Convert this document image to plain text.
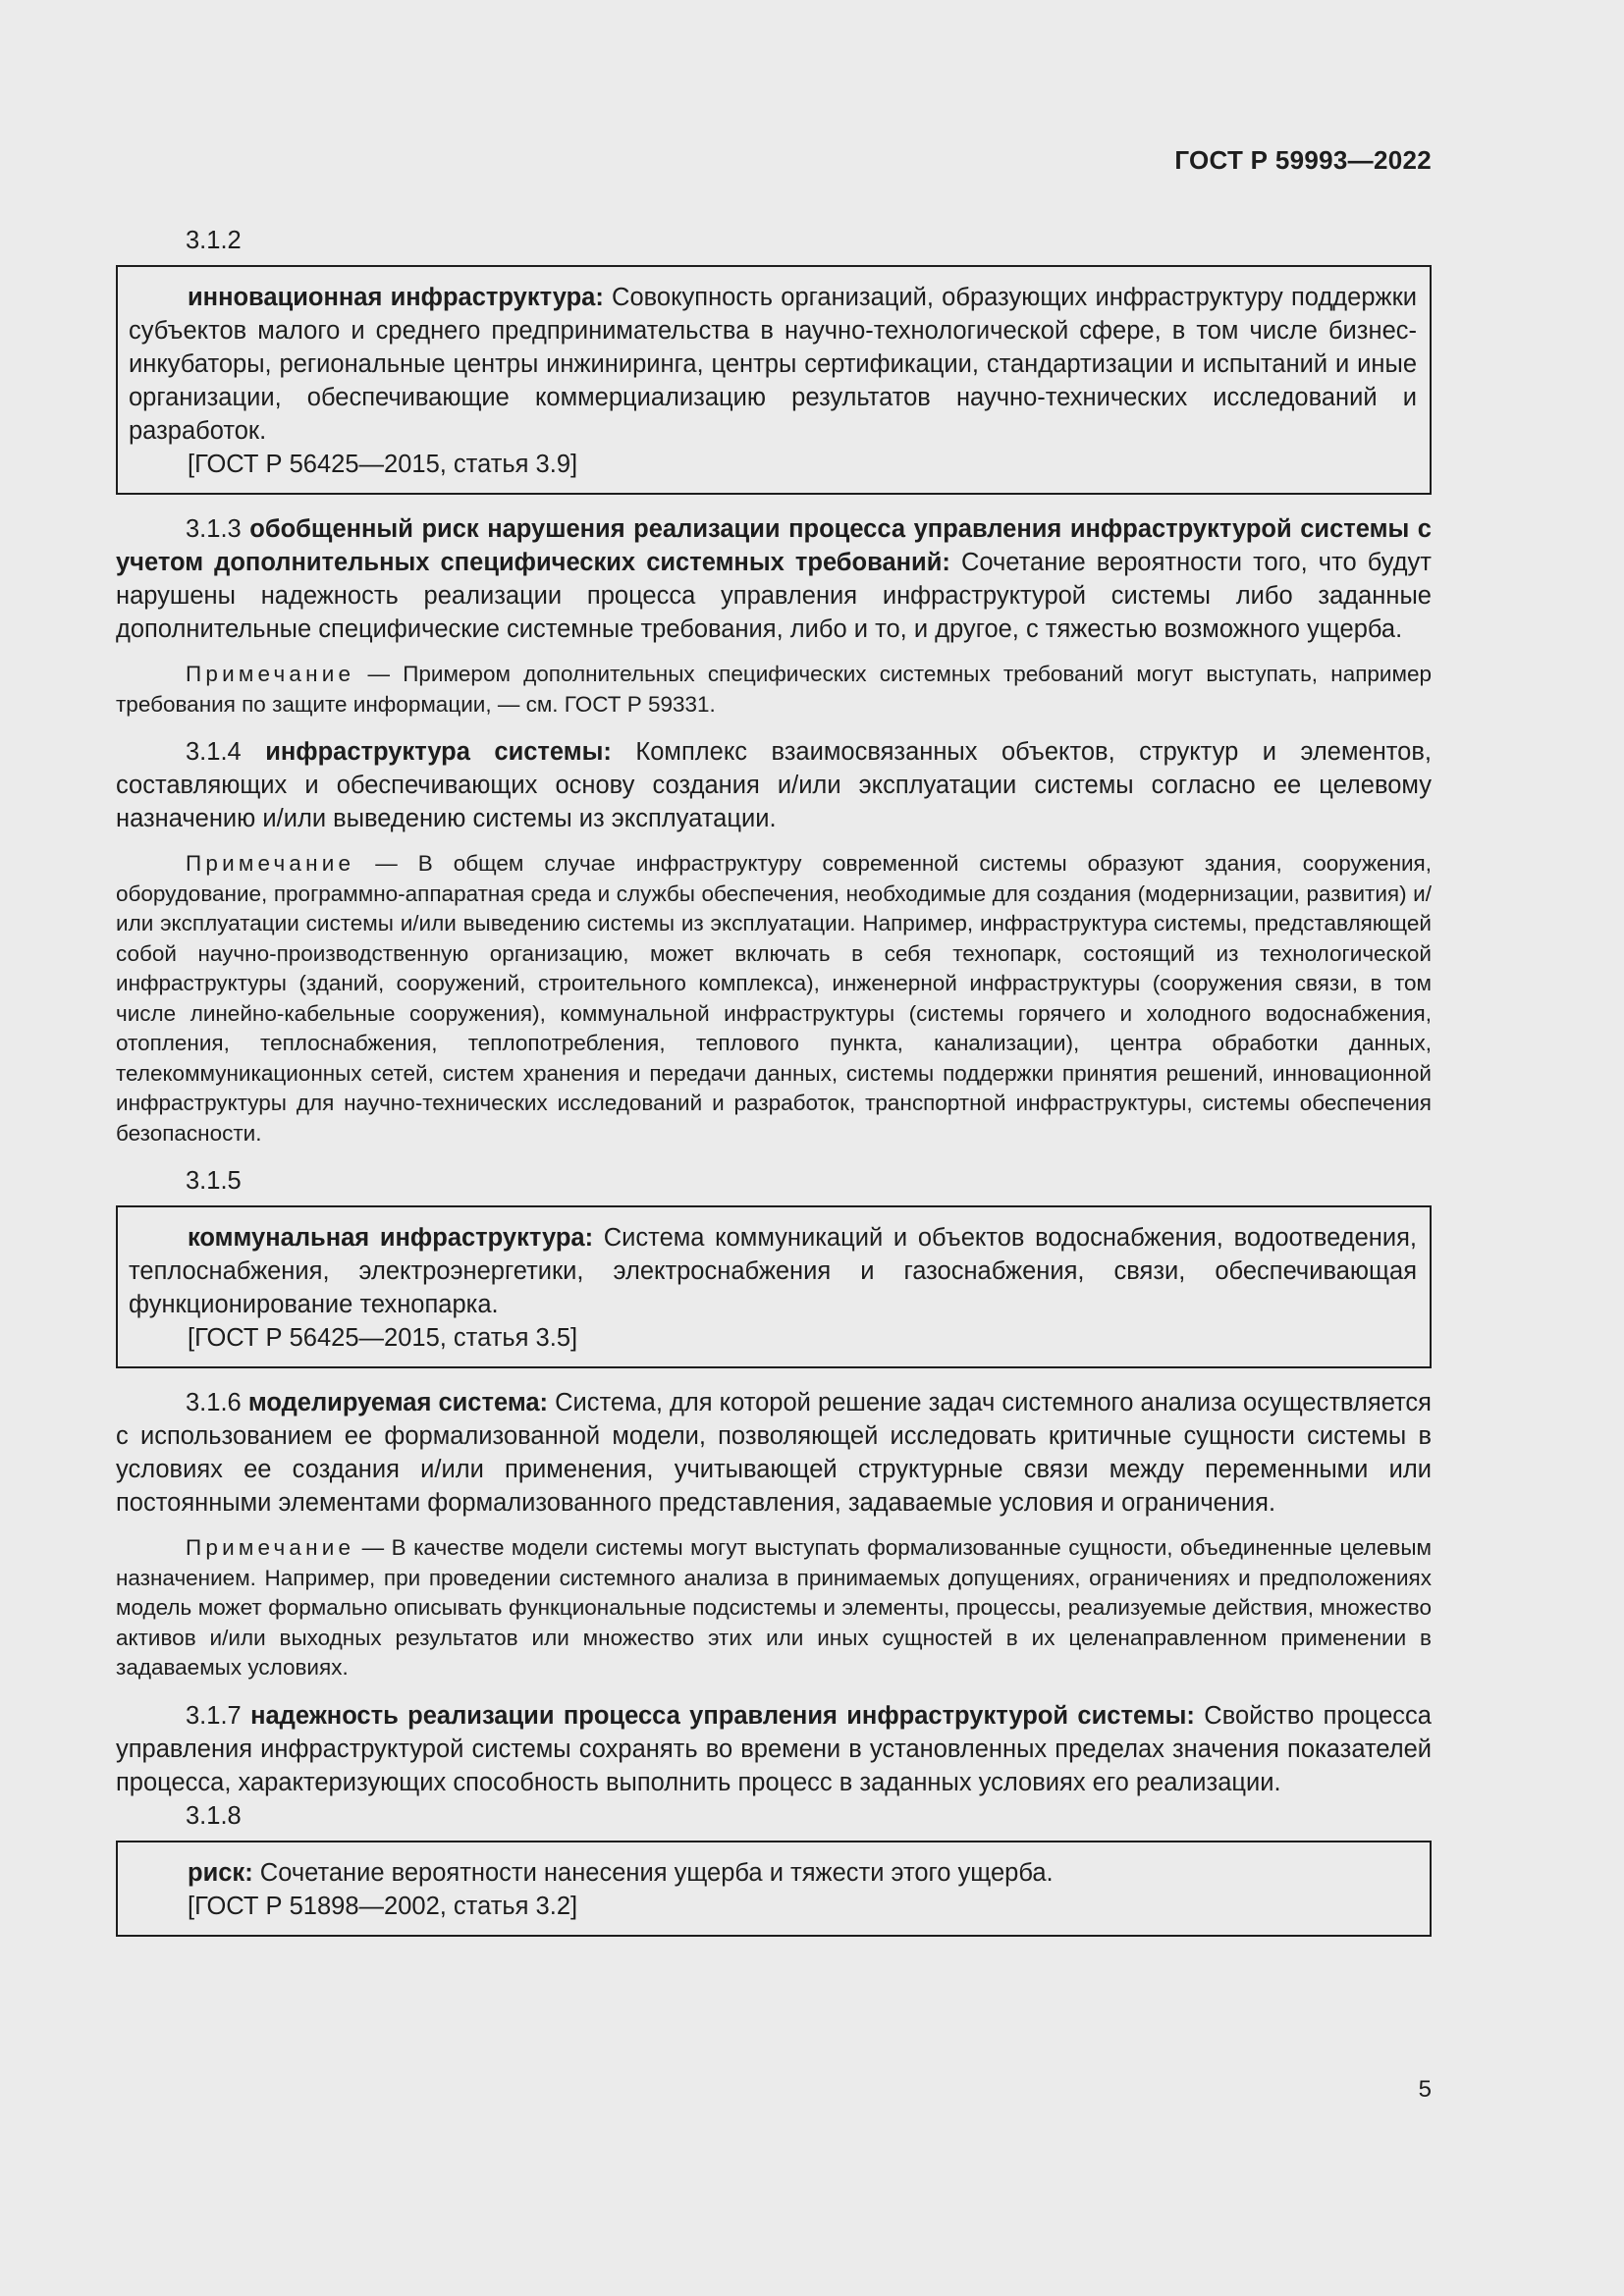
ГОСТ Р 59993—2022

3.1.2

инновационная инфраструктура: Совокупность организаций, образующих инфраструктуру поддержки субъектов малого и среднего предпринимательства в научно-технологической сфере, в том числе бизнес-инкубаторы, региональные центры инжиниринга, центры сертификации, стандартизации и испытаний и иные организации, обеспечивающие коммерциализацию результатов научно-технических исследований и разработок.

[ГОСТ Р 56425—2015, статья 3.9]

3.1.3 обобщенный риск нарушения реализации процесса управления инфраструктурой системы с учетом дополнительных специфических системных требований: Сочетание вероятности того, что будут нарушены надежность реализации процесса управления инфраструктурой системы либо заданные дополнительные специфические системные требования, либо и то, и другое, с тяжестью возможного ущерба.

Примечание — Примером дополнительных специфических системных требований могут выступать, например требования по защите информации, — см. ГОСТ Р 59331.

3.1.4 инфраструктура системы: Комплекс взаимосвязанных объектов, структур и элементов, составляющих и обеспечивающих основу создания и/или эксплуатации системы согласно ее целевому назначению и/или выведению системы из эксплуатации.

Примечание — В общем случае инфраструктуру современной системы образуют здания, сооружения, оборудование, программно-аппаратная среда и службы обеспечения, необходимые для создания (модернизации, развития) и/или эксплуатации системы и/или выведению системы из эксплуатации. Например, инфраструктура системы, представляющей собой научно-производственную организацию, может включать в себя технопарк, состоящий из технологической инфраструктуры (зданий, сооружений, строительного комплекса), инженерной инфраструктуры (сооружения связи, в том числе линейно-кабельные сооружения), коммунальной инфраструктуры (системы горячего и холодного водоснабжения, отопления, теплоснабжения, теплопотребления, теплового пункта, канализации), центра обработки данных, телекоммуникационных сетей, систем хранения и передачи данных, системы поддержки принятия решений, инновационной инфраструктуры для научно-технических исследований и разработок, транспортной инфраструктуры, системы обеспечения безопасности.

3.1.5

коммунальная инфраструктура: Система коммуникаций и объектов водоснабжения, водоотведения, теплоснабжения, электроэнергетики, электроснабжения и газоснабжения, связи, обеспечивающая функционирование технопарка.

[ГОСТ Р 56425—2015, статья 3.5]

3.1.6 моделируемая система: Система, для которой решение задач системного анализа осуществляется с использованием ее формализованной модели, позволяющей исследовать критичные сущности системы в условиях ее создания и/или применения, учитывающей структурные связи между переменными или постоянными элементами формализованного представления, задаваемые условия и ограничения.

Примечание — В качестве модели системы могут выступать формализованные сущности, объединенные целевым назначением. Например, при проведении системного анализа в принимаемых допущениях, ограничениях и предположениях модель может формально описывать функциональные подсистемы и элементы, процессы, реализуемые действия, множество активов и/или выходных результатов или множество этих или иных сущностей в их целенаправленном применении в задаваемых условиях.

3.1.7 надежность реализации процесса управления инфраструктурой системы: Свойство процесса управления инфраструктурой системы сохранять во времени в установленных пределах значения показателей процесса, характеризующих способность выполнить процесс в заданных условиях его реализации.

3.1.8

риск: Сочетание вероятности нанесения ущерба и тяжести этого ущерба.

[ГОСТ Р 51898—2002, статья 3.2]

5
